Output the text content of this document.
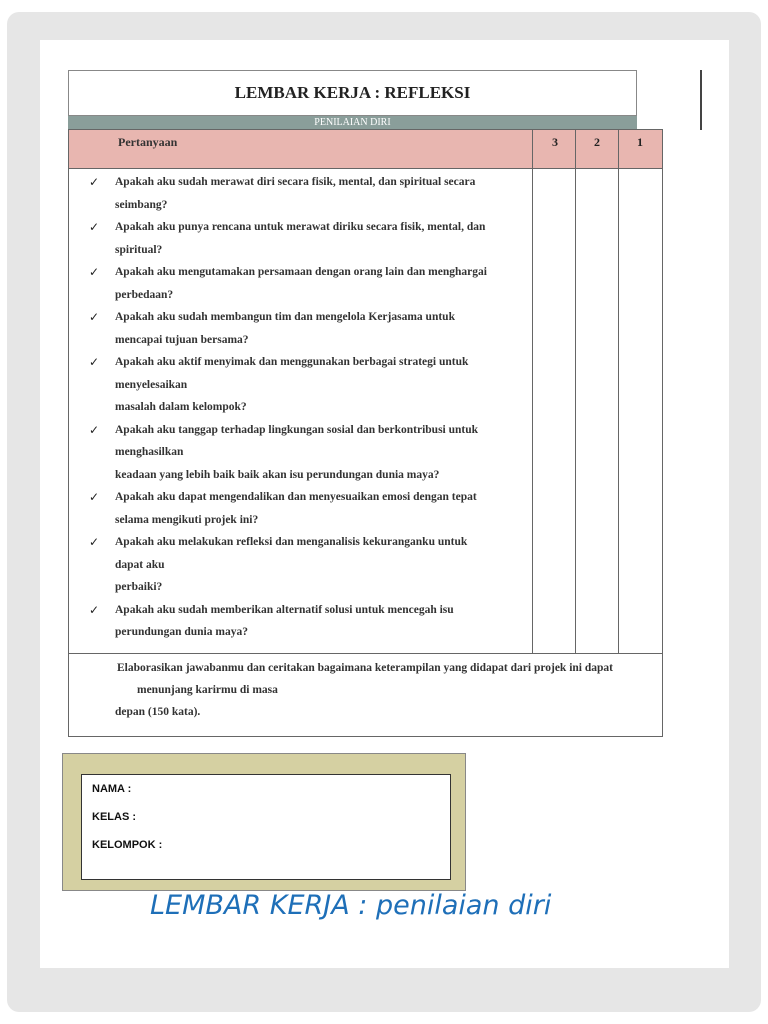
LEMBAR KERJA : REFLEKSI
PENILAIAN DIRI
Pertanyaan	3	2	1
✓	Apakah aku sudah merawat diri secara fisik, mental, dan spiritual secara
seimbang?
✓	Apakah aku punya rencana untuk merawat diriku secara fisik, mental, dan
spiritual?
✓	Apakah aku mengutamakan persamaan dengan orang lain dan menghargai
perbedaan?
✓	Apakah aku sudah membangun tim dan mengelola Kerjasama untuk
mencapai tujuan bersama?
✓	Apakah aku aktif menyimak dan menggunakan berbagai strategi untuk
menyelesaikan
masalah dalam kelompok?
✓	Apakah aku tanggap terhadap lingkungan sosial dan berkontribusi untuk
menghasilkan
keadaan yang lebih baik baik akan isu perundungan dunia maya?
✓	Apakah aku dapat mengendalikan dan menyesuaikan emosi dengan tepat
selama mengikuti projek ini?
✓	Apakah aku melakukan refleksi dan menganalisis kekuranganku untuk
dapat aku
perbaiki?
✓	Apakah aku sudah memberikan alternatif solusi untuk mencegah isu
perundungan dunia maya?
Elaborasikan jawabanmu dan ceritakan bagaimana keterampilan yang didapat dari projek ini dapat
menunjang karirmu di masa
depan (150 kata).
NAMA :
KELAS :
KELOMPOK :
LEMBAR KERJA : penilaian diri
